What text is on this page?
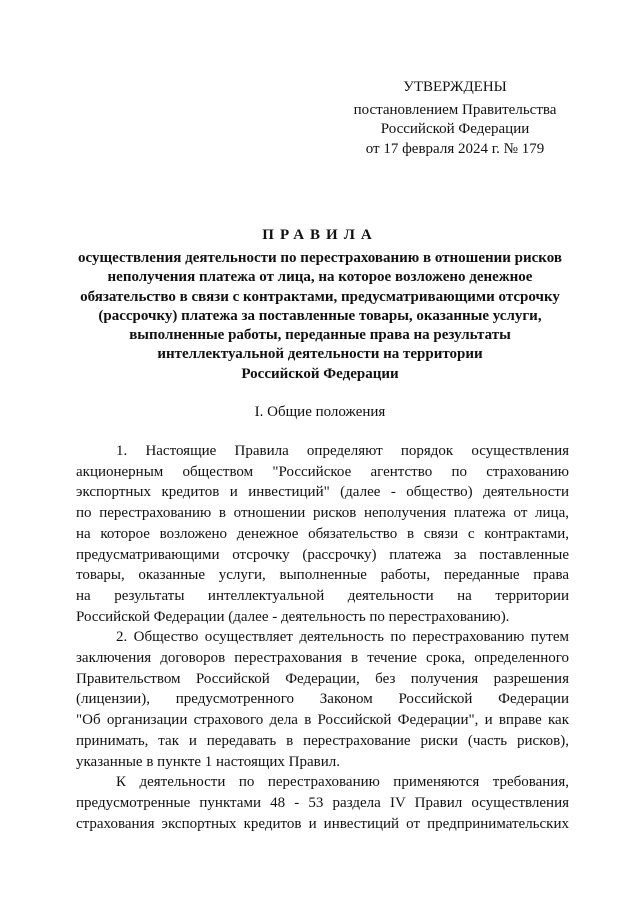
УТВЕРЖДЕНЫ
постановлением Правительства
Российской Федерации
от 17 февраля 2024 г. № 179
ПРАВИЛА
осуществления деятельности по перестрахованию в отношении рисков
неполучения платежа от лица, на которое возложено денежное
обязательство в связи с контрактами, предусматривающими отсрочку
(рассрочку) платежа за поставленные товары, оказанные услуги,
выполненные работы, переданные права на результаты
интеллектуальной деятельности на территории
Российской Федерации
I. Общие положения

1. Настоящие Правила определяют порядок осуществления
акционерным обществом "Российское агентство по страхованию
экспортных кредитов и инвестиций" (далее - общество) деятельности
по перестрахованию в отношении рисков неполучения платежа от лица,
на которое возложено денежное обязательство в связи с контрактами,
предусматривающими отсрочку (рассрочку) платежа за поставленные
товары, оказанные услуги, выполненные работы, переданные права
на результаты интеллектуальной деятельности на территории
Российской Федерации (далее - деятельность по перестрахованию).

2. Общество осуществляет деятельность по перестрахованию путем
заключения договоров перестрахования в течение срока, определенного
Правительством Российской Федерации, без получения разрешения
(лицензии), предусмотренного Законом Российской Федерации
"Об организации страхового дела в Российской Федерации", и вправе как
принимать, так и передавать в перестрахование риски (часть рисков),
указанные в пункте 1 настоящих Правил.

К деятельности по перестрахованию применяются требования,
предусмотренные пунктами 48 - 53 раздела IV Правил осуществления
страхования экспортных кредитов и инвестиций от предпринимательских
